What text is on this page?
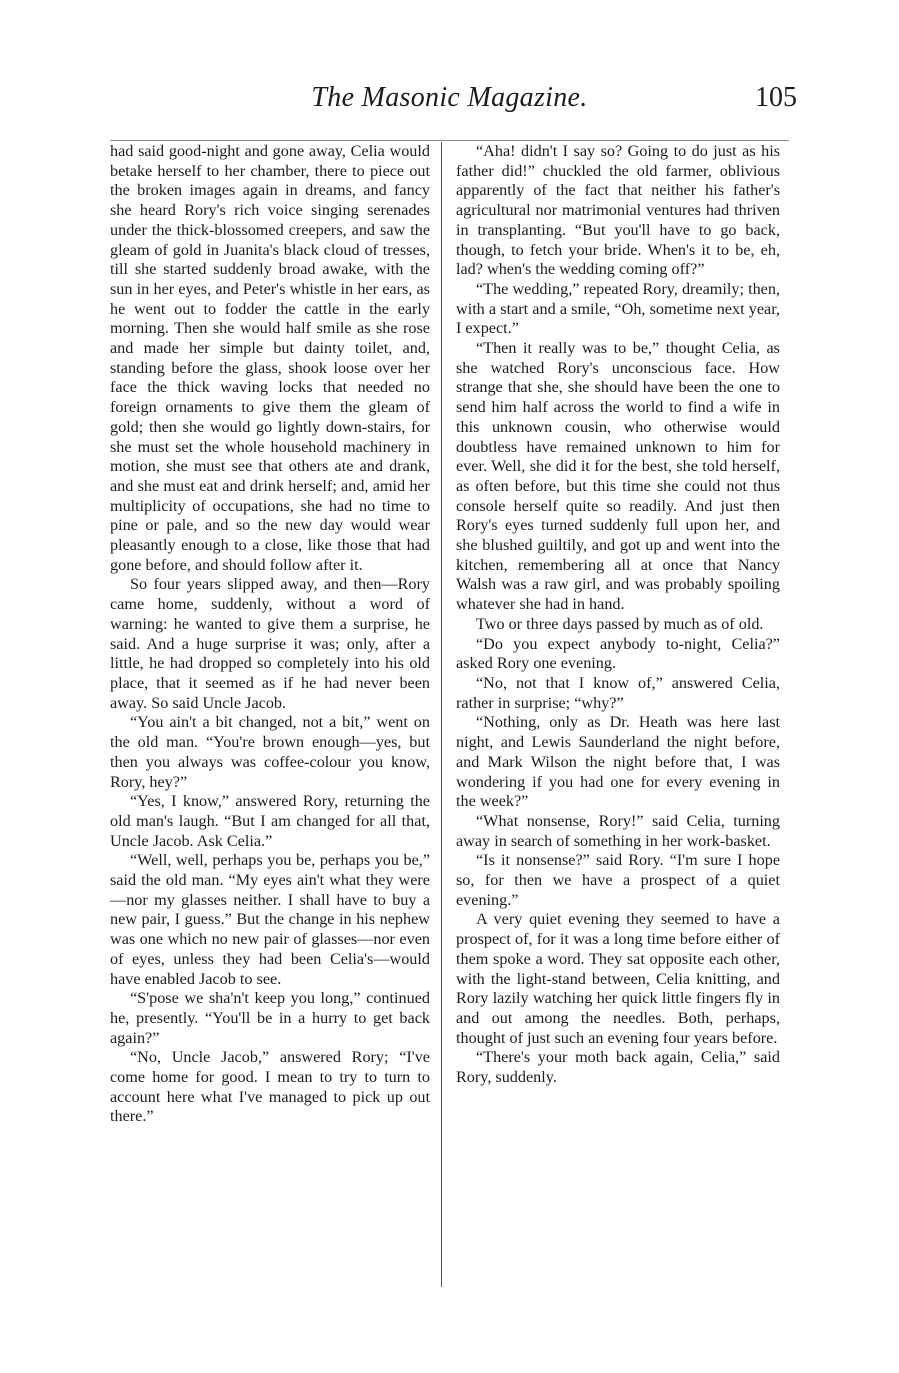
The Masonic Magazine.	105

had said good-night and gone away, Celia would betake herself to her chamber, there to piece out the broken images again in dreams, and fancy she heard Rory's rich voice singing serenades under the thick-blossomed creepers, and saw the gleam of gold in Juanita's black cloud of tresses, till she started suddenly broad awake, with the sun in her eyes, and Peter's whistle in her ears, as he went out to fodder the cattle in the early morning. Then she would half smile as she rose and made her simple but dainty toilet, and, standing before the glass, shook loose over her face the thick waving locks that needed no foreign ornaments to give them the gleam of gold; then she would go lightly down-stairs, for she must set the whole household machinery in motion, she must see that others ate and drank, and she must eat and drink herself; and, amid her multiplicity of occupations, she had no time to pine or pale, and so the new day would wear pleasantly enough to a close, like those that had gone before, and should follow after it.

So four years slipped away, and then—Rory came home, suddenly, without a word of warning: he wanted to give them a surprise, he said. And a huge surprise it was; only, after a little, he had dropped so completely into his old place, that it seemed as if he had never been away. So said Uncle Jacob.

“You ain't a bit changed, not a bit,” went on the old man. “You're brown enough—yes, but then you always was coffee-colour you know, Rory, hey?”

“Yes, I know,” answered Rory, returning the old man's laugh. “But I am changed for all that, Uncle Jacob. Ask Celia.”

“Well, well, perhaps you be, perhaps you be,” said the old man. “My eyes ain't what they were—nor my glasses neither. I shall have to buy a new pair, I guess.” But the change in his nephew was one which no new pair of glasses—nor even of eyes, unless they had been Celia's—would have enabled Jacob to see.

“S'pose we sha'n't keep you long,” continued he, presently. “You'll be in a hurry to get back again?”

“No, Uncle Jacob,” answered Rory; “I've come home for good. I mean to try to turn to account here what I've managed to pick up out there.”

“Aha! didn't I say so? Going to do just as his father did!” chuckled the old farmer, oblivious apparently of the fact that neither his father's agricultural nor matrimonial ventures had thriven in transplanting. “But you'll have to go back, though, to fetch your bride. When's it to be, eh, lad? when's the wedding coming off?”

“The wedding,” repeated Rory, dreamily; then, with a start and a smile, “Oh, sometime next year, I expect.”

“Then it really was to be,” thought Celia, as she watched Rory's unconscious face. How strange that she, she should have been the one to send him half across the world to find a wife in this unknown cousin, who otherwise would doubtless have remained unknown to him for ever. Well, she did it for the best, she told herself, as often before, but this time she could not thus console herself quite so readily. And just then Rory's eyes turned suddenly full upon her, and she blushed guiltily, and got up and went into the kitchen, remembering all at once that Nancy Walsh was a raw girl, and was probably spoiling whatever she had in hand.

Two or three days passed by much as of old.

“Do you expect anybody to-night, Celia?” asked Rory one evening.

“No, not that I know of,” answered Celia, rather in surprise; “why?”

“Nothing, only as Dr. Heath was here last night, and Lewis Saunderland the night before, and Mark Wilson the night before that, I was wondering if you had one for every evening in the week?”

“What nonsense, Rory!” said Celia, turning away in search of something in her work-basket.

“Is it nonsense?” said Rory. “I'm sure I hope so, for then we have a prospect of a quiet evening.”

A very quiet evening they seemed to have a prospect of, for it was a long time before either of them spoke a word. They sat opposite each other, with the light-stand between, Celia knitting, and Rory lazily watching her quick little fingers fly in and out among the needles. Both, perhaps, thought of just such an evening four years before.

“There's your moth back again, Celia,” said Rory, suddenly.
